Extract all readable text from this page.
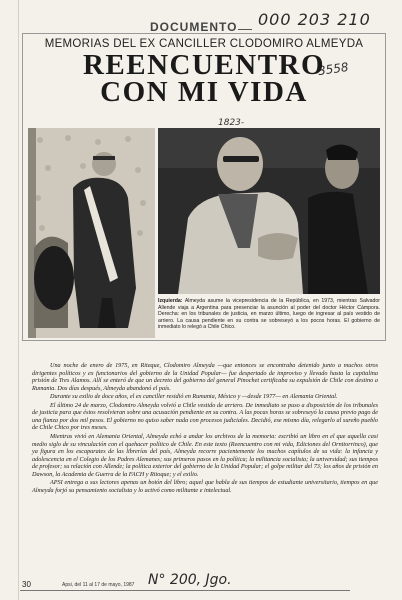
DOCUMENTO 000 203 210
3558
1823-
MEMORIAS DEL EX CANCILLER CLODOMIRO ALMEYDA
REENCUENTRO
CON MI VIDA
Izquierda: Almeyda asume la vicepresidencia de la República, en 1973, mientras Salvador Allende viaja a Argentina para presenciar la asunción al poder del doctor Héctor Cámpora. Derecha: en los tribunales de justicia, en marzo último, luego de ingresar al país vestido de arriero. La causa pendiente en su contra se sobreseyó a los pocos horas. El gobierno de inmediato lo relegó a Chile Chico.

Una noche de enero de 1975, en Riteque, Clodomiro Almeyda —que entonces se encontraba detenido junto a muchos otros dirigentes políticos y ex funcionarios del gobierno de la Unidad Popular— fue despertado de improviso y llevado hasta la capitalina prisión de Tres Alamos. Allí se enteró de que un decreto del gobierno del general Pinochet certificaba su expulsión de Chile con destino a Rumania. Dos días después, Almeyda abandonó el país.

Durante su exilio de doce años, el ex canciller residió en Rumania, México y —desde 1977— en Alemania Oriental.

El último 24 de marzo, Clodomiro Almeyda volvió a Chile vestido de arriero. De inmediato se puso a disposición de los tribunales de justicia para que éstos resolvieran sobre una acusación pendiente en su contra. A las pocas horas se sobreseyó la causa previo pago de una fianza por dos mil pesos. El gobierno no quiso saber nada con procesos judiciales. Decidió, ese mismo día, relegarlo al sureño pueblo de Chile Chico por tres meses.

Mientras vivió en Alemania Oriental, Almeyda echó a andar los archivos de la memoria: escribió un libro en el que aquella casi medio siglo de su vinculación con el quehacer político de Chile. En este texto (Reencuentro con mi vida, Ediciones del Ornitorrinco), que ya figura en los escaparates de las librerías del país, Almeyda recorre pacientemente los muchos capítulos de su vida: la infancia y adolescencia en el Colegio de los Padres Alemanes; sus primeros pasos en la política; la militancia socialista; la universidad; sus tiempos de profesor; su relación con Allende; la política exterior del gobierno de la Unidad Popular; el golpe militar del 73; los años de prisión en Dawson, la Academia de Guerra de la FACH y Ritoque; y el exilio.

APSI entrega a sus lectores apenas un botón del libro; aquel que habla de sus tiempos de estudiante universitario, tiempos en que Almeyda forjó su pensamiento socialista y lo activó como militante e intelectual.

30	Apsi, del 11 al 17 de mayo, 1987 N° 200, Jgo.
